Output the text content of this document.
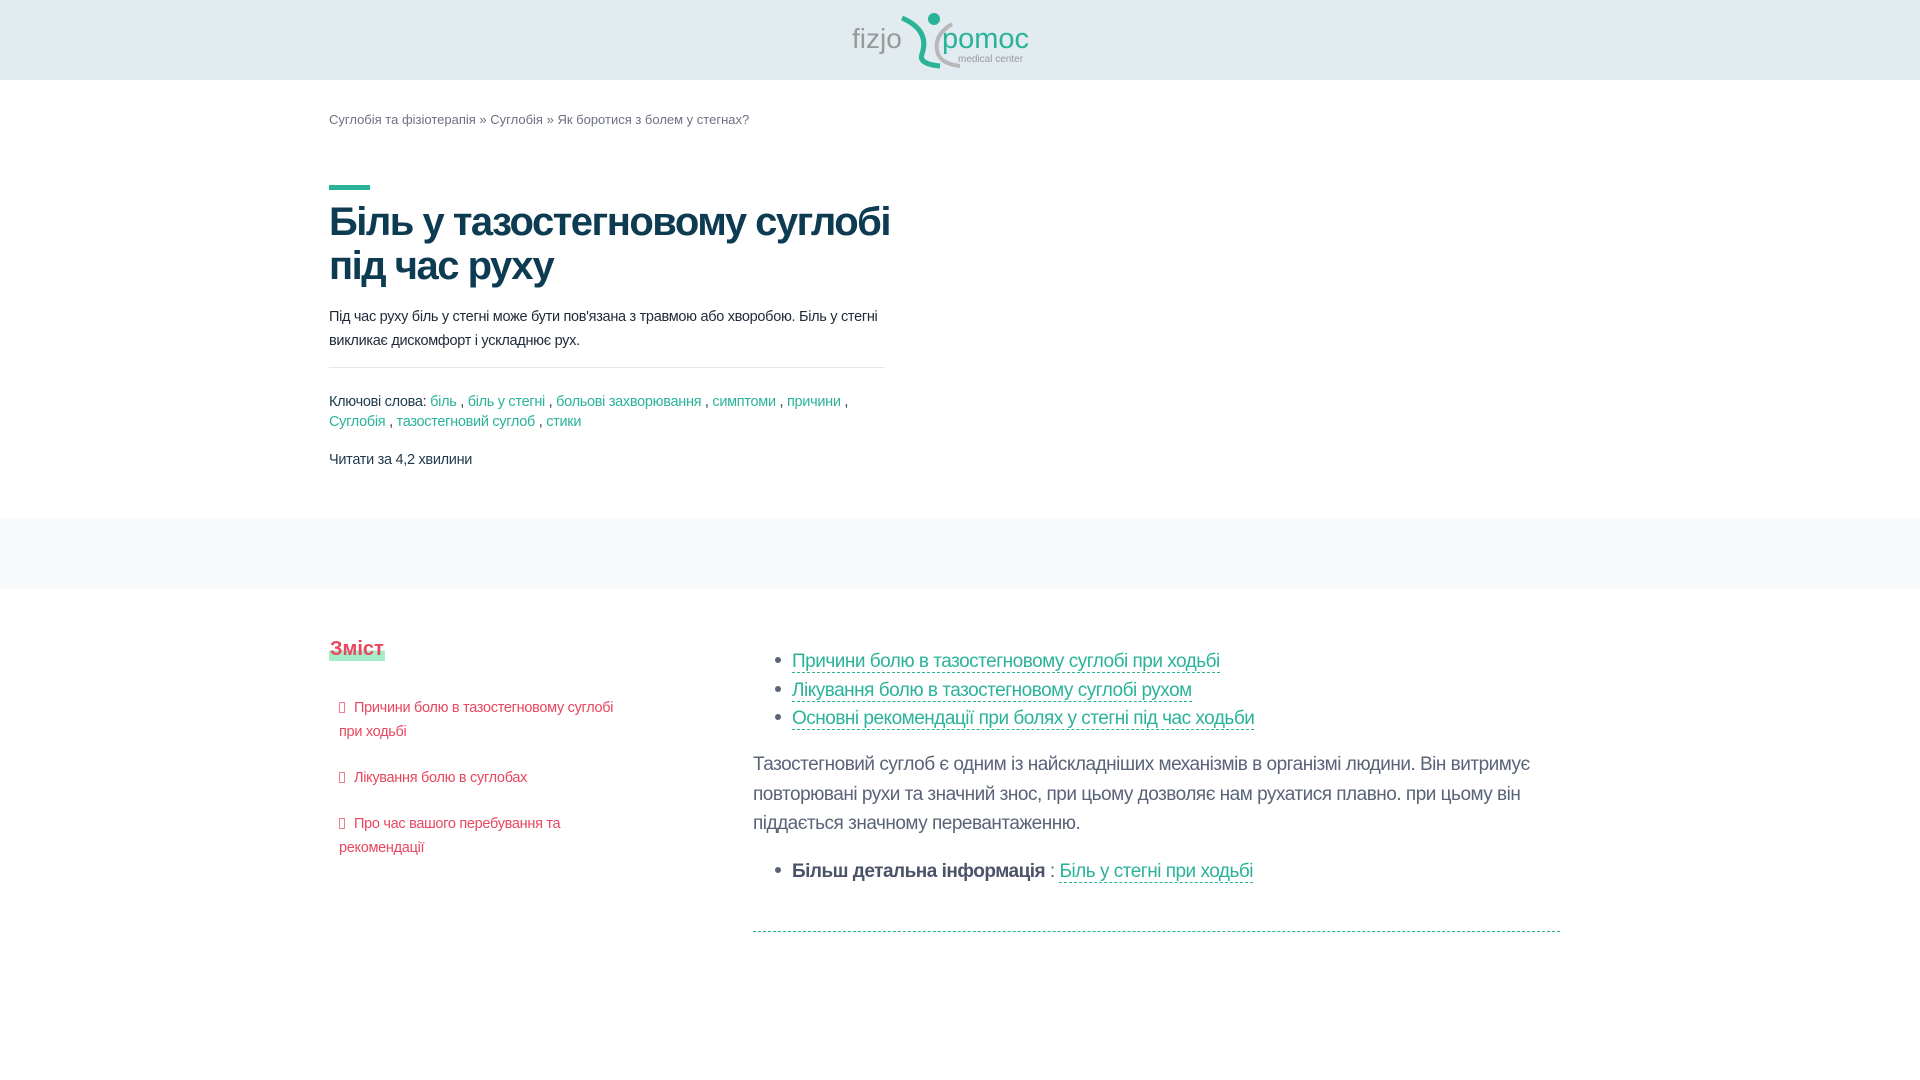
fizjo pomoc
medical center
Суглобія та фізіотерапія » Суглобія » Як боротися з болем у стегнах?
Біль у тазостегновому суглобі під час руху

Під час руху біль у стегні може бути пов'язана з травмою або хворобою. Біль у стегні викликає дискомфорт і ускладнює рух.

Ключові слова: біль , біль у стегні , больові захворювання , симптоми , причини ,
Суглобія , тазостегновий суглоб , стики
Читати за 4,2 хвилини
Зміст
Причини болю в тазостегновому суглобі при ходьбі
Лікування болю в суглобах
Про час вашого перебування та рекомендації
Причини болю в тазостегновому суглобі при ходьбі
Лікування болю в тазостегновому суглобі рухом
Основні рекомендації при болях у стегні під час ходьби

Тазостегновий суглоб є одним із найскладніших механізмів в організмі людини. Він витримує повторювані рухи та значний знос, при цьому дозволяє нам рухатися плавно. при цьому він піддається значному перевантаженню.

Більш детальна інформація : Біль у стегні при ходьбі
